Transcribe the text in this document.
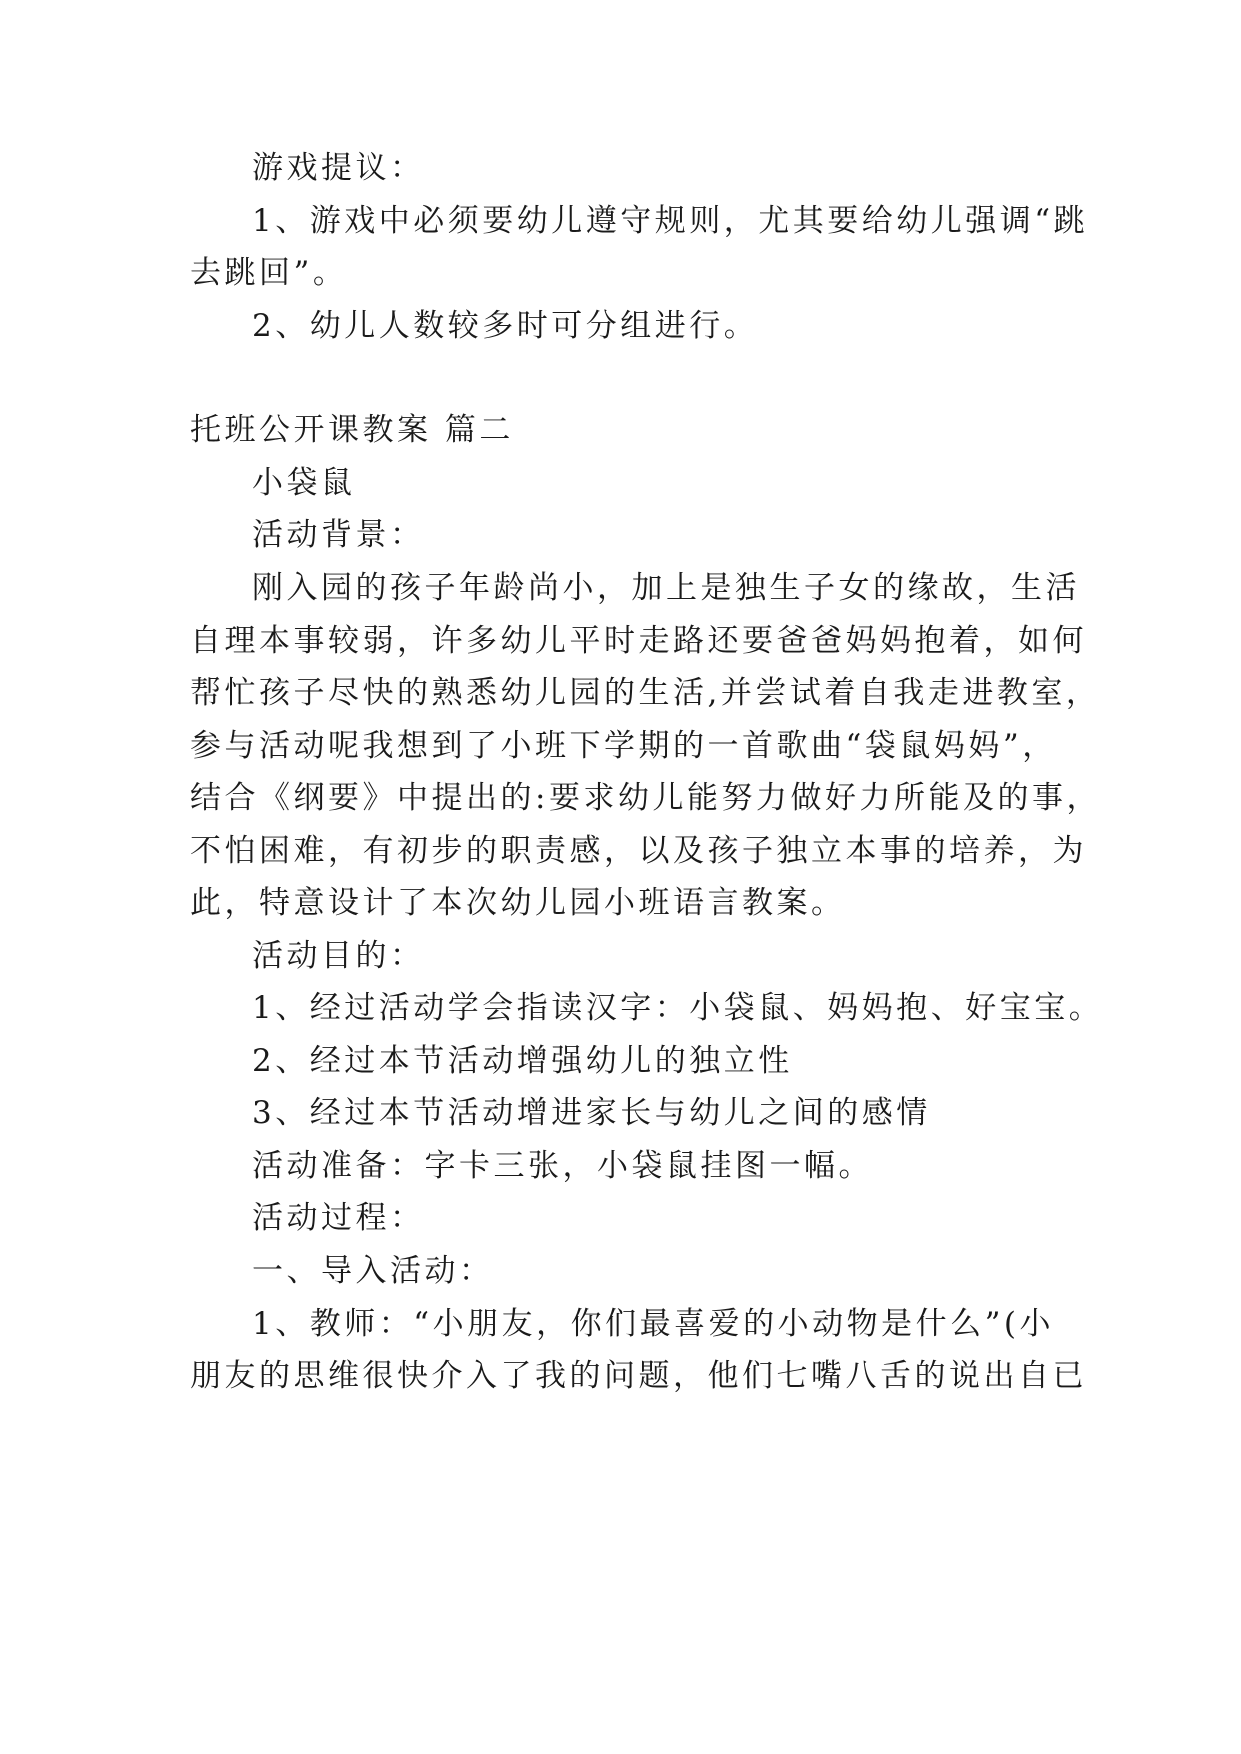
游戏提议：
1、游戏中必须要幼儿遵守规则，尤其要给幼儿强调“跳
去跳回”。
2、幼儿人数较多时可分组进行。
托班公开课教案 篇二
小袋鼠
活动背景：
刚入园的孩子年龄尚小，加上是独生子女的缘故，生活
自理本事较弱，许多幼儿平时走路还要爸爸妈妈抱着，如何
帮忙孩子尽快的熟悉幼儿园的生活,并尝试着自我走进教室，
参与活动呢我想到了小班下学期的一首歌曲“袋鼠妈妈”，
结合《纲要》中提出的:要求幼儿能努力做好力所能及的事，
不怕困难，有初步的职责感，以及孩子独立本事的培养，为
此，特意设计了本次幼儿园小班语言教案。
活动目的：
1、经过活动学会指读汉字：小袋鼠、妈妈抱、好宝宝。
2、经过本节活动增强幼儿的独立性
3、经过本节活动增进家长与幼儿之间的感情
活动准备：字卡三张，小袋鼠挂图一幅。
活动过程：
一、导入活动：
1、教师：“小朋友，你们最喜爱的小动物是什么”(小
朋友的思维很快介入了我的问题，他们七嘴八舌的说出自已
